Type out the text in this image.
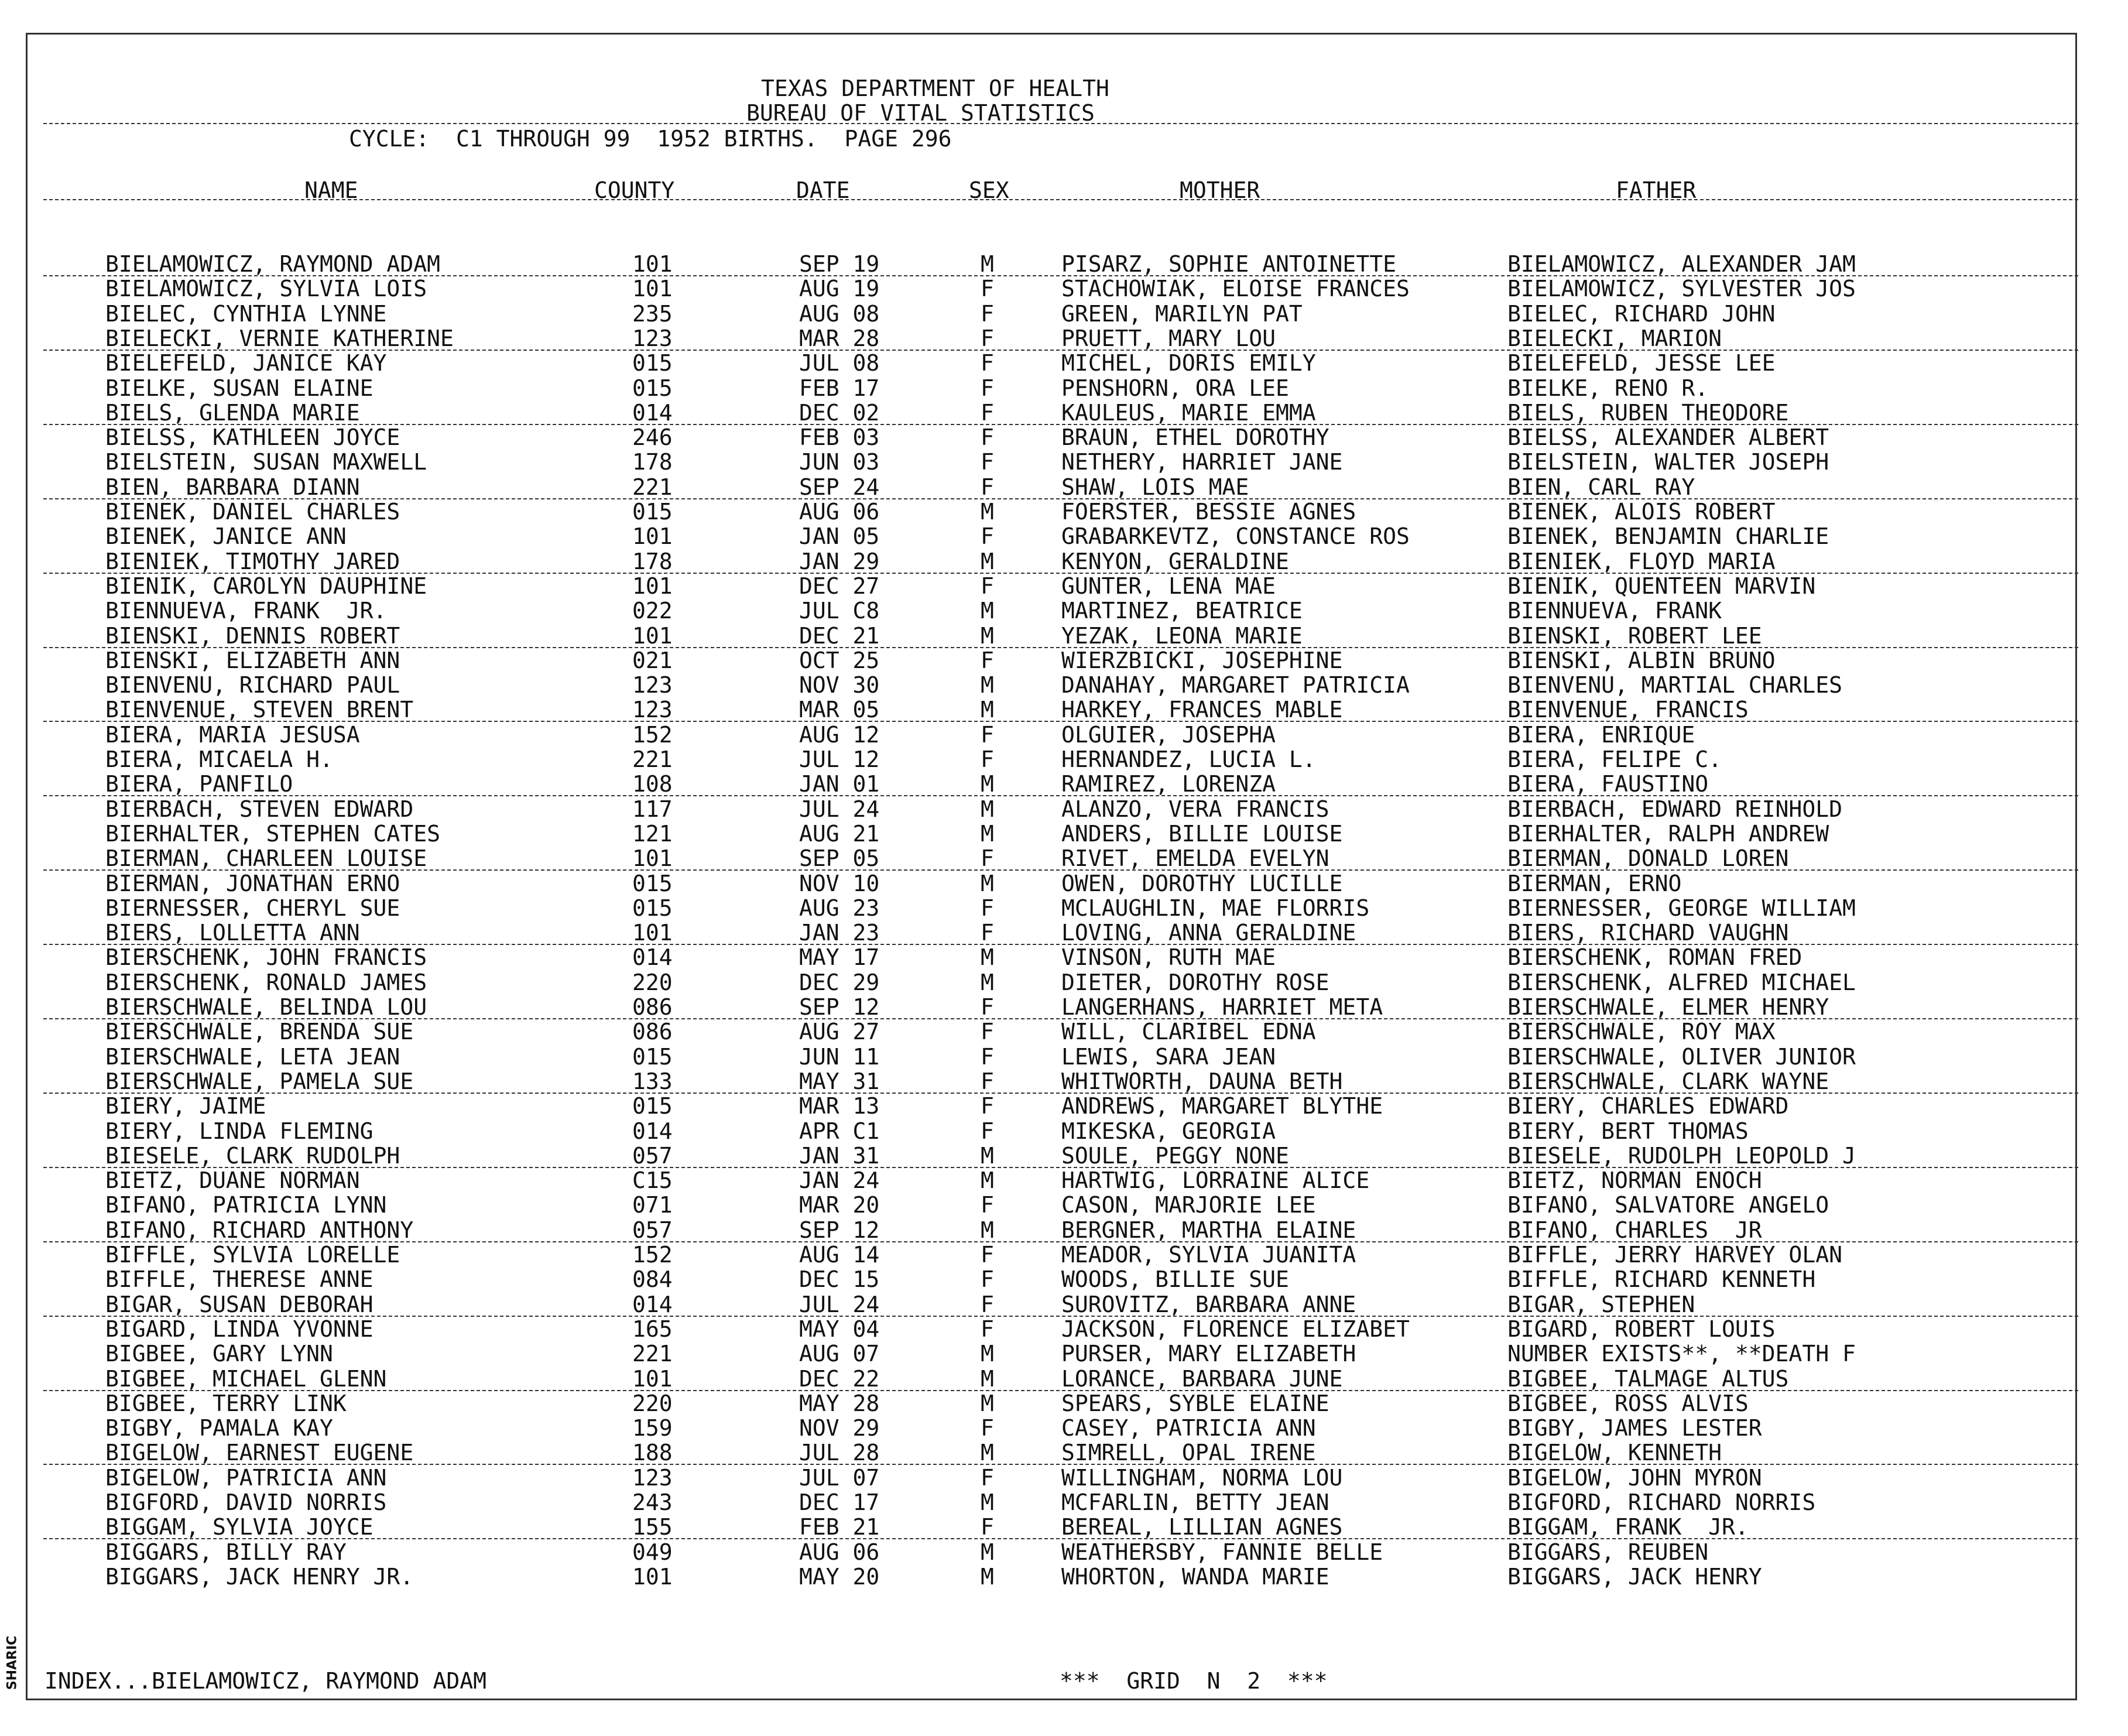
SHARIC
TEXAS DEPARTMENT OF HEALTH
BUREAU OF VITAL STATISTICS
CYCLE:  C1 THROUGH 99  1952 BIRTHS.  PAGE 296
NAME	COUNTY	DATE	SEX	MOTHER	FATHER
BIELAMOWICZ, RAYMOND ADAM	101	SEP 19	M	PISARZ, SOPHIE ANTOINETTE	BIELAMOWICZ, ALEXANDER JAM
BIELAMOWICZ, SYLVIA LOIS	101	AUG 19	F	STACHOWIAK, ELOISE FRANCES	BIELAMOWICZ, SYLVESTER JOS
BIELEC, CYNTHIA LYNNE	235	AUG 08	F	GREEN, MARILYN PAT	BIELEC, RICHARD JOHN
BIELECKI, VERNIE KATHERINE	123	MAR 28	F	PRUETT, MARY LOU	BIELECKI, MARION
BIELEFELD, JANICE KAY	015	JUL 08	F	MICHEL, DORIS EMILY	BIELEFELD, JESSE LEE
BIELKE, SUSAN ELAINE	015	FEB 17	F	PENSHORN, ORA LEE	BIELKE, RENO R.
BIELS, GLENDA MARIE	014	DEC 02	F	KAULEUS, MARIE EMMA	BIELS, RUBEN THEODORE
BIELSS, KATHLEEN JOYCE	246	FEB 03	F	BRAUN, ETHEL DOROTHY	BIELSS, ALEXANDER ALBERT
BIELSTEIN, SUSAN MAXWELL	178	JUN 03	F	NETHERY, HARRIET JANE	BIELSTEIN, WALTER JOSEPH
BIEN, BARBARA DIANN	221	SEP 24	F	SHAW, LOIS MAE	BIEN, CARL RAY
BIENEK, DANIEL CHARLES	015	AUG 06	M	FOERSTER, BESSIE AGNES	BIENEK, ALOIS ROBERT
BIENEK, JANICE ANN	101	JAN 05	F	GRABARKEVTZ, CONSTANCE ROS	BIENEK, BENJAMIN CHARLIE
BIENIEK, TIMOTHY JARED	178	JAN 29	M	KENYON, GERALDINE	BIENIEK, FLOYD MARIA
BIENIK, CAROLYN DAUPHINE	101	DEC 27	F	GUNTER, LENA MAE	BIENIK, QUENTEEN MARVIN
BIENNUEVA, FRANK  JR.	022	JUL C8	M	MARTINEZ, BEATRICE	BIENNUEVA, FRANK
BIENSKI, DENNIS ROBERT	101	DEC 21	M	YEZAK, LEONA MARIE	BIENSKI, ROBERT LEE
BIENSKI, ELIZABETH ANN	021	OCT 25	F	WIERZBICKI, JOSEPHINE	BIENSKI, ALBIN BRUNO
BIENVENU, RICHARD PAUL	123	NOV 30	M	DANAHAY, MARGARET PATRICIA	BIENVENU, MARTIAL CHARLES
BIENVENUE, STEVEN BRENT	123	MAR 05	M	HARKEY, FRANCES MABLE	BIENVENUE, FRANCIS
BIERA, MARIA JESUSA	152	AUG 12	F	OLGUIER, JOSEPHA	BIERA, ENRIQUE
BIERA, MICAELA H.	221	JUL 12	F	HERNANDEZ, LUCIA L.	BIERA, FELIPE C.
BIERA, PANFILO	108	JAN 01	M	RAMIREZ, LORENZA	BIERA, FAUSTINO
BIERBACH, STEVEN EDWARD	117	JUL 24	M	ALANZO, VERA FRANCIS	BIERBACH, EDWARD REINHOLD
BIERHALTER, STEPHEN CATES	121	AUG 21	M	ANDERS, BILLIE LOUISE	BIERHALTER, RALPH ANDREW
BIERMAN, CHARLEEN LOUISE	101	SEP 05	F	RIVET, EMELDA EVELYN	BIERMAN, DONALD LOREN
BIERMAN, JONATHAN ERNO	015	NOV 10	M	OWEN, DOROTHY LUCILLE	BIERMAN, ERNO
BIERNESSER, CHERYL SUE	015	AUG 23	F	MCLAUGHLIN, MAE FLORRIS	BIERNESSER, GEORGE WILLIAM
BIERS, LOLLETTA ANN	101	JAN 23	F	LOVING, ANNA GERALDINE	BIERS, RICHARD VAUGHN
BIERSCHENK, JOHN FRANCIS	014	MAY 17	M	VINSON, RUTH MAE	BIERSCHENK, ROMAN FRED
BIERSCHENK, RONALD JAMES	220	DEC 29	M	DIETER, DOROTHY ROSE	BIERSCHENK, ALFRED MICHAEL
BIERSCHWALE, BELINDA LOU	086	SEP 12	F	LANGERHANS, HARRIET META	BIERSCHWALE, ELMER HENRY
BIERSCHWALE, BRENDA SUE	086	AUG 27	F	WILL, CLARIBEL EDNA	BIERSCHWALE, ROY MAX
BIERSCHWALE, LETA JEAN	015	JUN 11	F	LEWIS, SARA JEAN	BIERSCHWALE, OLIVER JUNIOR
BIERSCHWALE, PAMELA SUE	133	MAY 31	F	WHITWORTH, DAUNA BETH	BIERSCHWALE, CLARK WAYNE
BIERY, JAIME	015	MAR 13	F	ANDREWS, MARGARET BLYTHE	BIERY, CHARLES EDWARD
BIERY, LINDA FLEMING	014	APR C1	F	MIKESKA, GEORGIA	BIERY, BERT THOMAS
BIESELE, CLARK RUDOLPH	057	JAN 31	M	SOULE, PEGGY NONE	BIESELE, RUDOLPH LEOPOLD J
BIETZ, DUANE NORMAN	C15	JAN 24	M	HARTWIG, LORRAINE ALICE	BIETZ, NORMAN ENOCH
BIFANO, PATRICIA LYNN	071	MAR 20	F	CASON, MARJORIE LEE	BIFANO, SALVATORE ANGELO
BIFANO, RICHARD ANTHONY	057	SEP 12	M	BERGNER, MARTHA ELAINE	BIFANO, CHARLES  JR
BIFFLE, SYLVIA LORELLE	152	AUG 14	F	MEADOR, SYLVIA JUANITA	BIFFLE, JERRY HARVEY OLAN
BIFFLE, THERESE ANNE	084	DEC 15	F	WOODS, BILLIE SUE	BIFFLE, RICHARD KENNETH
BIGAR, SUSAN DEBORAH	014	JUL 24	F	SUROVITZ, BARBARA ANNE	BIGAR, STEPHEN
BIGARD, LINDA YVONNE	165	MAY 04	F	JACKSON, FLORENCE ELIZABET	BIGARD, ROBERT LOUIS
BIGBEE, GARY LYNN	221	AUG 07	M	PURSER, MARY ELIZABETH	NUMBER EXISTS**, **DEATH F
BIGBEE, MICHAEL GLENN	101	DEC 22	M	LORANCE, BARBARA JUNE	BIGBEE, TALMAGE ALTUS
BIGBEE, TERRY LINK	220	MAY 28	M	SPEARS, SYBLE ELAINE	BIGBEE, ROSS ALVIS
BIGBY, PAMALA KAY	159	NOV 29	F	CASEY, PATRICIA ANN	BIGBY, JAMES LESTER
BIGELOW, EARNEST EUGENE	188	JUL 28	M	SIMRELL, OPAL IRENE	BIGELOW, KENNETH
BIGELOW, PATRICIA ANN	123	JUL 07	F	WILLINGHAM, NORMA LOU	BIGELOW, JOHN MYRON
BIGFORD, DAVID NORRIS	243	DEC 17	M	MCFARLIN, BETTY JEAN	BIGFORD, RICHARD NORRIS
BIGGAM, SYLVIA JOYCE	155	FEB 21	F	BEREAL, LILLIAN AGNES	BIGGAM, FRANK  JR.
BIGGARS, BILLY RAY	049	AUG 06	M	WEATHERSBY, FANNIE BELLE	BIGGARS, REUBEN
BIGGARS, JACK HENRY JR.	101	MAY 20	M	WHORTON, WANDA MARIE	BIGGARS, JACK HENRY
INDEX...BIELAMOWICZ, RAYMOND ADAM	***  GRID  N  2  ***
